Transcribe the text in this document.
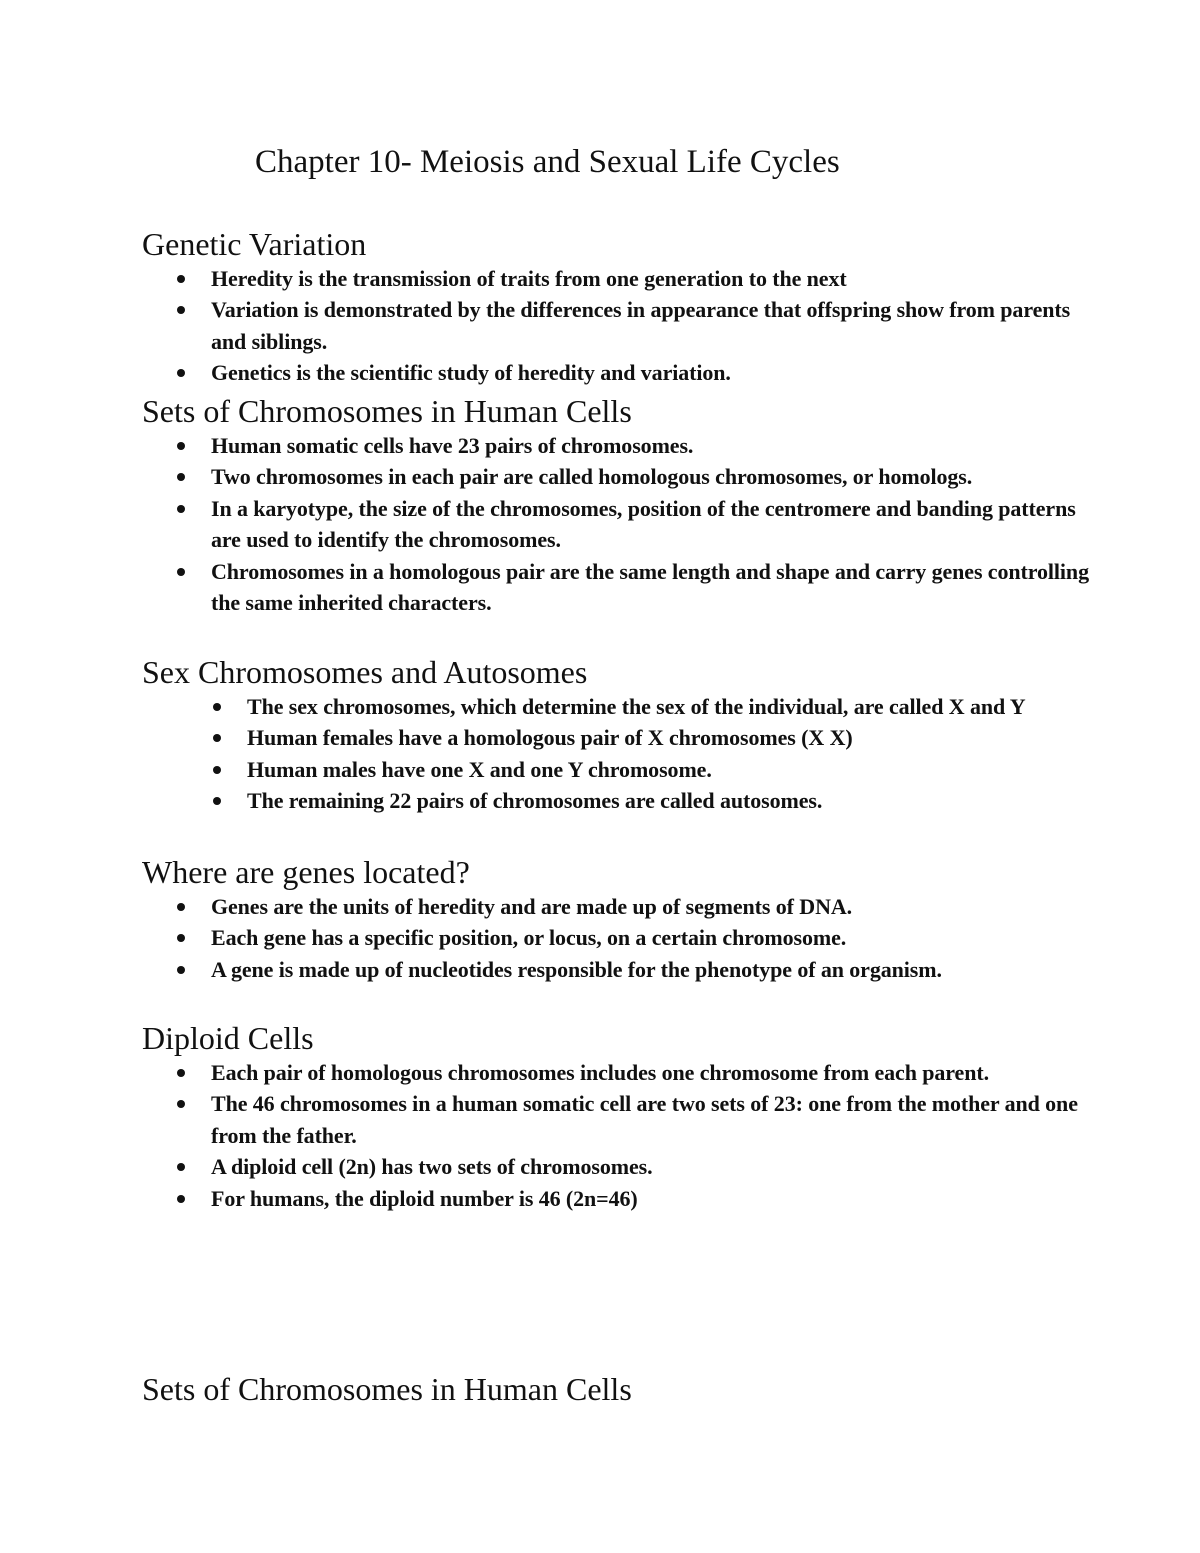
Chapter 10- Meiosis and Sexual Life Cycles
Genetic Variation
Heredity is the transmission of traits from one generation to the next
Variation is demonstrated by the differences in appearance that offspring show from parents and siblings.
Genetics is the scientific study of heredity and variation.
Sets of Chromosomes in Human Cells
Human somatic cells have 23 pairs of chromosomes.
Two chromosomes in each pair are called homologous chromosomes, or homologs.
In a karyotype, the size of the chromosomes, position of the centromere and banding patterns are used to identify the chromosomes.
Chromosomes in a homologous pair are the same length and shape and carry genes controlling the same inherited characters.
Sex Chromosomes and Autosomes
The sex chromosomes, which determine the sex of the individual, are called X and Y
Human females have a homologous pair of X chromosomes (X X)
Human males have one X and one Y chromosome.
The remaining 22 pairs of chromosomes are called autosomes.
Where are genes located?
Genes are the units of heredity and are made up of segments of DNA.
Each gene has a specific position, or locus, on a certain chromosome.
A gene is made up of nucleotides responsible for the phenotype of an organism.
Diploid Cells
Each pair of homologous chromosomes includes one chromosome from each parent.
The 46 chromosomes in a human somatic cell are two sets of 23: one from the mother and one from the father.
A diploid cell (2n) has two sets of chromosomes.
For humans, the diploid number is 46 (2n=46)
Sets of Chromosomes in Human Cells
